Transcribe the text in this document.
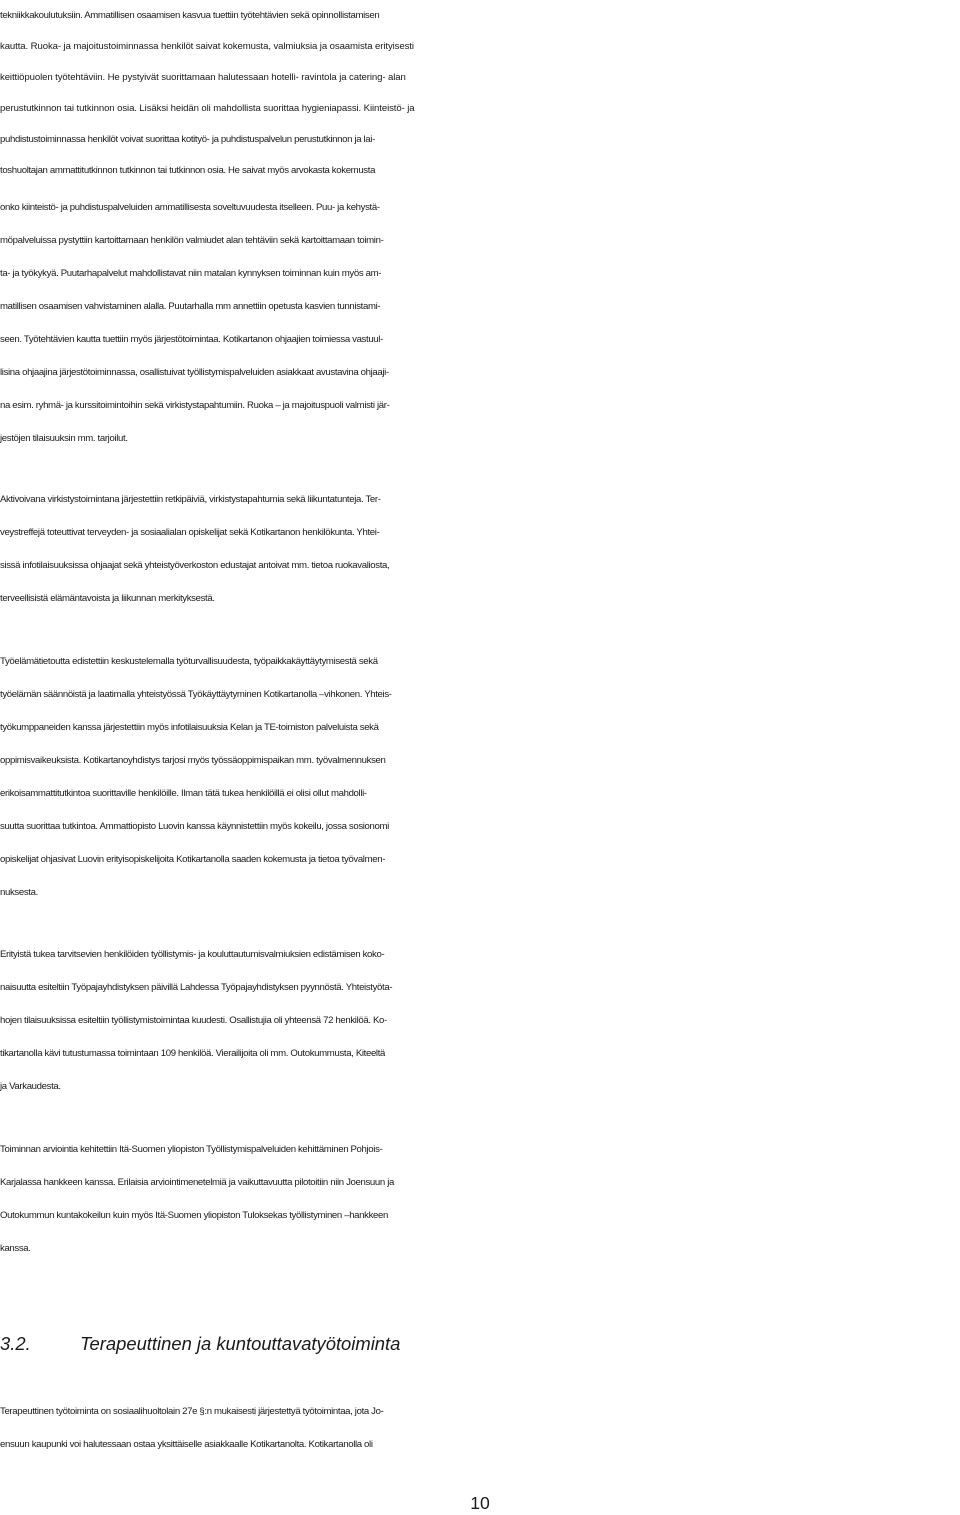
tekniikkakoulutuksiin. Ammatillisen osaamisen kasvua tuettiin työtehtävien sekä opinnollistamisen
kautta. Ruoka- ja majoitustoiminnassa henkilöt saivat kokemusta, valmiuksia ja osaamista erityisesti
keittiöpuolen työtehtäviin. He pystyivät suorittamaan halutessaan hotelli- ravintola ja catering- alan
perustutkinnon tai tutkinnon osia. Lisäksi heidän oli mahdollista suorittaa hygieniapassi. Kiinteistö- ja
puhdistustoiminnassa henkilöt voivat suorittaa kotityö- ja puhdistuspalvelun perustutkinnon ja lai-
toshuoltajan ammattitutkinnon tutkinnon tai tutkinnon osia. He saivat myös arvokasta kokemusta
onko kiinteistö- ja puhdistuspalveluiden ammatillisesta soveltuvuudesta itselleen. Puu- ja kehystä-
möpalveluissa pystyttiin kartoittamaan henkilön valmiudet alan tehtäviin sekä kartoittamaan toimin-
ta- ja työkykyä. Puutarhapalvelut mahdollistavat niin matalan kynnyksen toiminnan kuin myös am-
matillisen osaamisen vahvistaminen alalla. Puutarhalla mm annettiin opetusta kasvien tunnistami-
seen. Työtehtävien kautta tuettiin myös järjestötoimintaa. Kotikartanon ohjaajien toimiessa vastuul-
lisina ohjaajina järjestötoiminnassa, osallistuivat työllistymispalveluiden asiakkaat avustavina ohjaaji-
na esim. ryhmä- ja kurssitoimintoihin sekä virkistystapahtumiin. Ruoka – ja majoituspuoli valmisti jär-
jestöjen tilaisuuksin mm. tarjoilut.
Aktivoivana virkistystoimintana järjestettiin retkipäiviä, virkistystapahtumia sekä liikuntatunteja. Ter-
veystreffejä toteuttivat terveyden- ja sosiaalialan opiskelijat sekä Kotikartanon henkilökunta. Yhtei-
sissä infotilaisuuksissa ohjaajat sekä yhteistyöverkoston edustajat antoivat mm. tietoa ruokavaliosta,
terveellisistä elämäntavoista ja liikunnan merkityksestä.
Työelämätietoutta edistettiin keskustelemalla työturvallisuudesta, työpaikkakäyttäytymisestä sekä
työelämän säännöistä ja laatimalla yhteistyössä Työkäyttäytyminen Kotikartanolla –vihkonen. Yhteis-
työkumppaneiden kanssa järjestettiin myös infotilaisuuksia Kelan ja TE-toimiston palveluista sekä
oppimisvaikeuksista. Kotikartanoyhdistys tarjosi myös työssäoppimispaikan mm. työvalmennuksen
erikoisammattitutkintoa suorittaville henkilöille. Ilman tätä tukea henkilöillä ei olisi ollut mahdolli-
suutta suorittaa tutkintoa. Ammattiopisto Luovin kanssa käynnistettiin myös kokeilu, jossa sosionomi
opiskelijat ohjasivat Luovin erityisopiskelijoita Kotikartanolla saaden kokemusta ja tietoa työvalmen-
nuksesta.
Erityistä tukea tarvitsevien henkilöiden työllistymis- ja kouluttautumisvalmiuksien edistämisen koko-
naisuutta esiteltiin Työpajayhdistyksen päivillä Lahdessa Työpajayhdistyksen pyynnöstä. Yhteistyöta-
hojen tilaisuuksissa esiteltiin työllistymistoimintaa kuudesti. Osallistujia oli yhteensä 72 henkilöä. Ko-
tikartanolla kävi tutustumassa toimintaan 109 henkilöä. Vierailijoita oli mm. Outokummusta, Kiteeltä
ja Varkaudesta.
Toiminnan arviointia kehitettiin Itä-Suomen yliopiston Työllistymispalveluiden kehittäminen Pohjois-
Karjalassa hankkeen kanssa. Erilaisia arviointimenetelmiä ja vaikuttavuutta pilotoitiin niin Joensuun ja
Outokummun kuntakokeilun kuin myös Itä-Suomen yliopiston Tuloksekas työllistyminen –hankkeen
kanssa.
3.2.	Terapeuttinen ja kuntouttavatyötoiminta
Terapeuttinen työtoiminta on sosiaalihuoltolain 27e §:n mukaisesti järjestettyä työtoimintaa, jota Jo-
ensuun kaupunki voi halutessaan ostaa yksittäiselle asiakkaalle Kotikartanolta. Kotikartanolla oli
10
